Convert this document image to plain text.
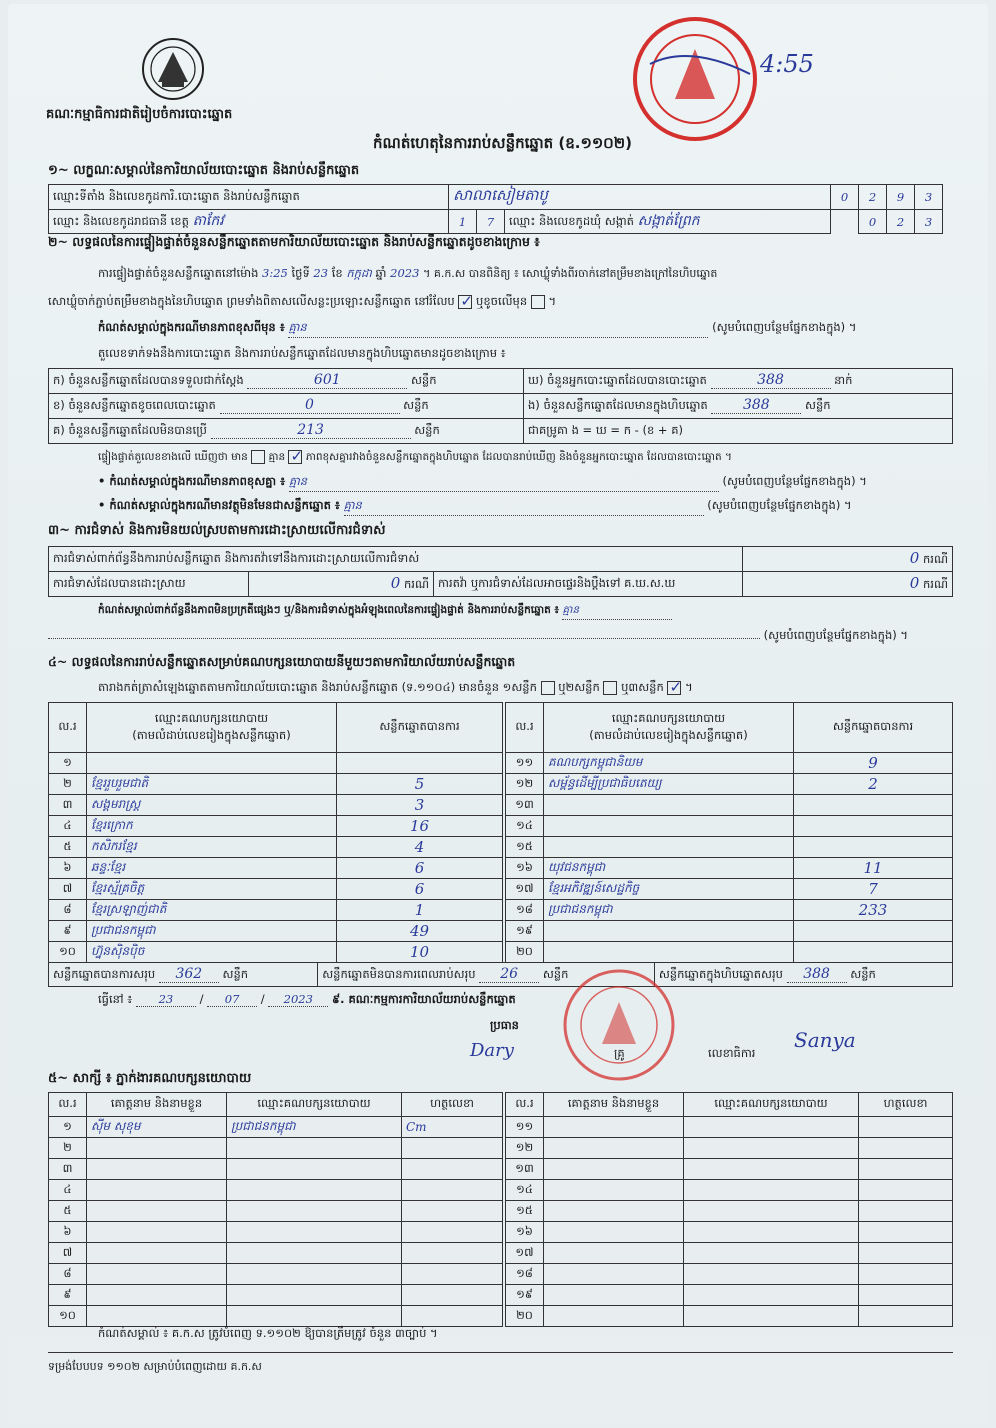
គណៈកម្មាធិការជាតិរៀបចំការបោះឆ្នោត
4:55
កំណត់ហេតុនៃការរាប់សន្លឹកឆ្នោត (ឧ.១១០២)
១~ លក្ខណៈសម្គាល់នៃការិយាល័យបោះឆ្នោត និងរាប់សន្លឹកឆ្នោត
ឈ្មោះទីតាំង និងលេខកូដការិ.បោះឆ្នោត និងរាប់សន្លឹកឆ្នោត	សាលាសៀមតាបូ			0	2	9	3
ឈ្មោះ និងលេខកូដរាជធានី ខេត្ត តាកែវ	1	7	ឈ្មោះ និងលេខកូដឃុំ សង្កាត់ សង្កាត់ព្រែក		0	2	3
២~ លទ្ធផលនៃការផ្ទៀងផ្ទាត់ចំនួនសន្លឹកឆ្នោតតាមការិយាល័យបោះឆ្នោត និងរាប់សន្លឹកឆ្នោតដូចខាងក្រោម ៖
ការផ្ទៀងផ្ទាត់ចំនួនសន្លឹកឆ្នោតនៅម៉ោង 3:25 ថ្ងៃទី 23 ខែ កក្កដា ឆ្នាំ 2023 ។ គ.ក.ស បានពិនិត្យ ៖ សោឃ្លុំទាំងពីរចាក់នៅតម្រឹមខាងក្រៅនៃហិបឆ្នោត
សោឃ្លុំចាក់ភ្ជាប់តម្រឹមខាងក្នុងនៃហិបឆ្នោត ព្រមទាំងពិតាសលើសន្លះប្រឡោះសន្លឹកឆ្នោត នៅរំលែប ✓ ឬខូចលើមុន  ។
កំណត់សម្គាល់ក្នុងករណីមានភាពខុសពីមុន ៖ គ្មាន	(សូមបំពេញបន្ថែមផ្នែកខាងក្នុង) ។
តួលេខទាក់ទងនឹងការបោះឆ្នោត និងការរាប់សន្លឹកឆ្នោតដែលមានក្នុងហិបឆ្នោតមានដូចខាងក្រោម ៖
ក) ចំនួនសន្លឹកឆ្នោតដែលបានទទួលជាក់ស្តែង 601 សន្លឹក	ឃ) ចំនួនអ្នកបោះឆ្នោតដែលបានបោះឆ្នោត 388 នាក់
ខ) ចំនួនសន្លឹកឆ្នោតខូចពេលបោះឆ្នោត 0 សន្លឹក	ង) ចំនួនសន្លឹកឆ្នោតដែលមានក្នុងហិបឆ្នោត 388 សន្លឹក
គ) ចំនួនសន្លឹកឆ្នោតដែលមិនបានប្រើ 213 សន្លឹក	ជាគម្រូគា ង = ឃ = ក - (ខ + គ)
ផ្ទៀងផ្ទាត់តួលេខខាងលើ ឃើញថា មាន គ្មាន ✓ ភាពខុសគ្នារវាងចំនួនសន្លឹកឆ្នោតក្នុងហិបឆ្នោត ដែលបានរាប់ឃើញ និងចំនួនអ្នកបោះឆ្នោត ដែលបានបោះឆ្នោត ។
• កំណត់សម្គាល់ក្នុងករណីមានភាពខុសគ្នា ៖ គ្មាន	(សូមបំពេញបន្ថែមផ្នែកខាងក្នុង) ។
• កំណត់សម្គាល់ក្នុងករណីមានវត្ថុមិនមែនជាសន្លឹកឆ្នោត ៖ គ្មាន	(សូមបំពេញបន្ថែមផ្នែកខាងក្នុង) ។
៣~ ការជំទាស់ និងការមិនយល់ស្របតាមការដោះស្រាយលើការជំទាស់
ការជំទាស់ពាក់ព័ន្ធនឹងការរាប់សន្លឹកឆ្នោត និងការតវ៉ាទៅនឹងការដោះស្រាយលើការជំទាស់			0 ករណី
ការជំទាស់ដែលបានដោះស្រាយ	0 ករណី	ការតវ៉ា ឬការជំទាស់ដែលអាចផ្ទេរនិងប្តឹងទៅ គ.ឃ.ស.ឃ	0 ករណី
កំណត់សម្គាល់ពាក់ព័ន្ធនឹងភាពមិនប្រក្រតីផ្សេងៗ ឬ/និងការជំទាស់ក្នុងអំឡុងពេលនៃការផ្ទៀងផ្ទាត់ និងការរាប់សន្លឹកឆ្នោត ៖ គ្មាន
(សូមបំពេញបន្ថែមផ្នែកខាងក្នុង) ។
៤~ លទ្ធផលនៃការរាប់សន្លឹកឆ្នោតសម្រាប់គណបក្សនយោបាយនីមួយៗតាមការិយាល័យរាប់សន្លឹកឆ្នោត
តារាងកត់ត្រាសំឡេងឆ្នោតតាមការិយាល័យបោះឆ្នោត និងរាប់សន្លឹកឆ្នោត (ទ.១១០៤) មានចំនួន ១សន្លឹក ឬ២សន្លឹក ឬ៣សន្លឹក ✓ ។
ល.រ	ឈ្មោះគណបក្សនយោបាយ
(តាមលំដាប់លេខរៀងក្នុងសន្លឹកឆ្នោត)	សន្លឹកឆ្នោតបានការ
១		
២	ខ្មែររួបរួមជាតិ	5
៣	សង្គមរាស្ត្រ	3
៤	ខ្មែរក្រោក	16
៥	កសិករខ្មែរ	4
៦	ឆន្ទៈខ្មែរ	6
៧	ខ្មែរស្ម័គ្រចិត្ត	6
៨	ខ្មែរស្រឡាញ់ជាតិ	1
៩	ប្រជាជនកម្ពុជា	49
១០	ហ្វ៊ុនស៊ិនប៉ិច	10
ល.រ	ឈ្មោះគណបក្សនយោបាយ
(តាមលំដាប់លេខរៀងក្នុងសន្លឹកឆ្នោត)	សន្លឹកឆ្នោតបានការ
១១	គណបក្សកម្ពុជានិយម	9
១២	សម្ព័ន្ធដើម្បីប្រជាធិបតេយ្យ	2
១៣		
១៤		
១៥		
១៦	យុវជនកម្ពុជា	11
១៧	ខ្មែរអភិវឌ្ឍន៍សេដ្ឋកិច្ច	7
១៨	ប្រជាជនកម្ពុជា	233
១៩		
២០		
សន្លឹកឆ្នោតបានការសរុប 362 សន្លឹក	សន្លឹកឆ្នោតមិនបានការពេលរាប់សរុប 26 សន្លឹក	សន្លឹកឆ្នោតក្នុងហិបឆ្នោតសរុប 388 សន្លឹក
ធ្វើនៅ ៖ 23 / 07 / 2023 ៩. គណៈកម្មការការិយាល័យរាប់សន្លឹកឆ្នោត
ប្រធាន
Dary	គ្រូ	លេខាធិការ
Sanya
៥~ សាក្សី ៖ ភ្នាក់ងារគណបក្សនយោបាយ
ល.រ	គោត្តនាម និងនាមខ្លួន	ឈ្មោះគណបក្សនយោបាយ	ហត្ថលេខា
១	ស៊ីម សុខុម	ប្រជាជនកម្ពុជា	Cm
២			
៣			
៤			
៥			
៦			
៧			
៨			
៩			
១០			
ល.រ	គោត្តនាម និងនាមខ្លួន	ឈ្មោះគណបក្សនយោបាយ	ហត្ថលេខា
១១			
១២			
១៣			
១៤			
១៥			
១៦			
១៧			
១៨			
១៩			
២០			
កំណត់សម្គាល់ ៖ គ.ក.ស ត្រូវបំពេញ ទ.១១០២ ឱ្យបានត្រឹមត្រូវ ចំនួន ៣ច្បាប់ ។
ទម្រង់បែបបទ ១១០២ សម្រាប់បំពេញដោយ គ.ក.ស
